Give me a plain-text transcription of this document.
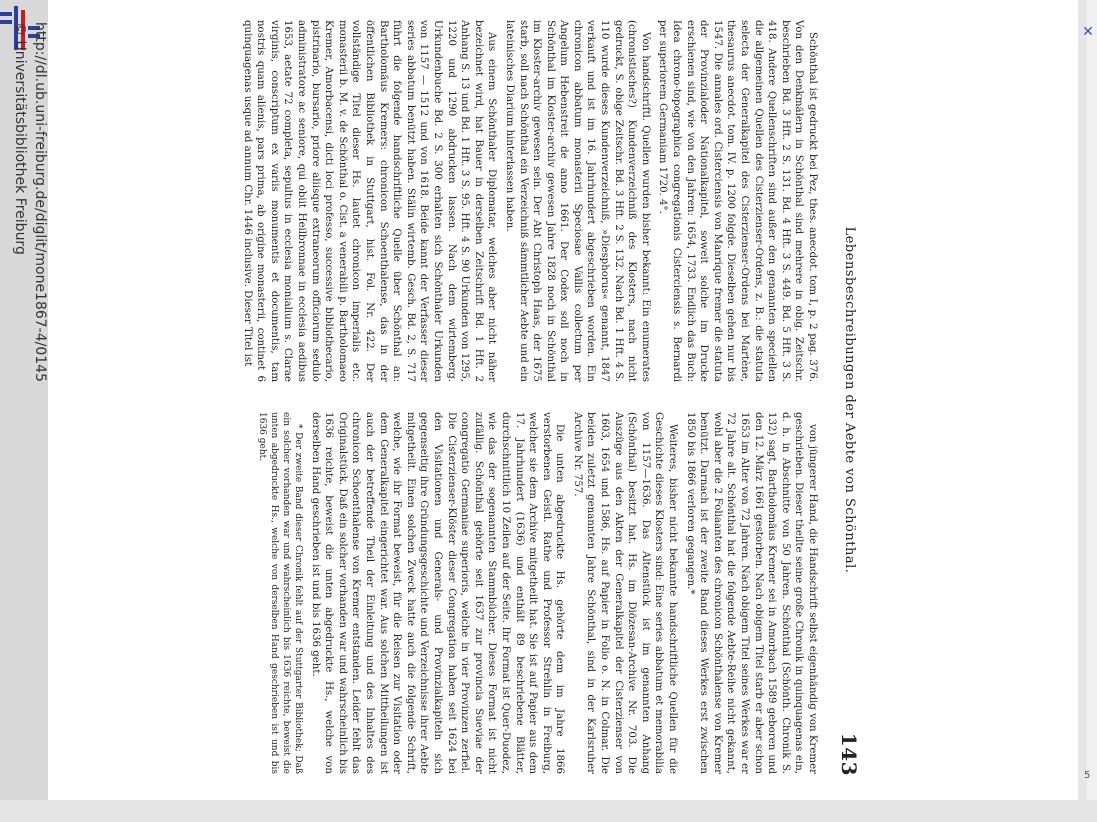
http://dl.ub.uni-freiburg.de/diglit/mone1867-4/0145
© Universitätsbibliothek Freiburg
Lebensbeschreibungen der Aebte von Schönthal.
143

Schönthal ist gedruckt bei Pez, thes. anecdot. tom I, p. 2 pag. 376. Von den Denkmälern in Schönthal sind mehrere in obig. Zeitschr. beschrieben Bd. 3 Hft. 2 S. 131. Bd. 4 Hft. 3 S. 449. Bd. 5 Hft. 3 S. 418. Andere Quellenschriften sind außer den genannten speciellen die allgemeinen Quellen des Cisterzienser-Ordens, z. B.: die statuta selecta der Generalkapitel des Cisterzienser-Ordens bei Martène, thesaurus anecdot. tom. IV. p. 1200 folgde. Dieselben gehen nur bis 1547. Die annales ord. Cisterciensis von Manrique fremer die statuta der Provinzialoder Nationalkapitel, soweit solche im Drucke erschienen sind, wie von den Jahren: 1654, 1733. Endlich das Buch: Idea chrono-topographica congregationis Cisterciensis s. Bernardi per superiorem Germaniam 1720. 4°.

Von handschriftl. Quellen wurden bisher bekannt: Ein enumerates (chronistisches?) Kundenverzeichniß des Klosters, nach nicht gedruckt, S. obige Zeitschr. Bd. 3 Hft. 2 S. 132. Nach Bd. 1 Hft. 4 S. 110 wurde dieses Kundenverzeichniß, »Diesphorus« genannt, 1847 verkauft und ist im 16. Jahrhundert abgeschrieben worden. Ein chronicon abbatum monasterii Speciosae Vallis collectum per Angelum Hebenstreit de anno 1661. Der Codex soll noch in Schönthal im Kloster-archiv gewesen Jahre 1828 noch in Schönthal im Kloster-archiv gewesen sein. Der Abt Christoph Haas, der 1675 starb, soll nach Schönthal ein Verzeichniß sämmtlicher Aebte und ein lateinisches Diarium hinterlassen haben.

Aus einem Schönthaler Diplomatar, welches aber nicht näher bezeichnet wird, hat Bauer in derselben Zeitschrift Bd. 1 Hft. 2 Anhang S. 13 und Bd. 1 Hft. 3 S. 95. Hft. 4 S. 90 Urkunden von 1295, 1220 und 1290 abdrucken lassen. Nach dem wirtemberg. Urkundenbuche Bd. 2 S. 300 erhalten sich Schönthaler Urkunden von 1157 — 1512 und von 1618. Beide kannt der Verfasser dieser series abbatum benützt haben. Stälin wirtemb. Gesch. Bd. 2, S. 717 führt die folgende handschriftliche Quelle über Schönthal an: Bartholomäus Kremers: chronicon Schoenthalense, das in der öffentlichen Bibliothek in Stuttgart, hist. Fol. Nr. 422. Der vollständige Titel dieser Hs. lautet chronicon imperialis etc. monasterii b. M. v. de Schönthal o. Cist. a venerabili p. Bartholomaeo Kremer, Amorbacensi, dicti loci professo, successive bibliothecario, pistrinario, bursario, priore aliisque extraneorum officiorum sedulo administratore ac seniore, qui obiit Heilbronnae in ecclesia aedibus 1653, aetate 72 completa, sepultus in ecclesia monialium s. Clarae virginis, conscriptum ex variis monumentis et documentis, tam nostris quam alienis, pars prima, ab origine monasterii, continet 6 quinquagenas usque ad annum Chr. 1446 inclusive. Dieser Titel ist

von jüngerer Hand, die Handschrift selbst eigenhändig von Kremer geschrieben. Dieser theilte seine große Chronik in quinquagenas ein, d. h. in Abschnitte von 50 Jahren. Schönthal (Schönth. Chronik S. 132) sagt, Bartholomäus Kremer sei in Amorbach 1589 geboren und den 12. März 1661 gestorben. Nach obigem Titel starb er aber schon 1653 im Alter von 72 Jahren. Nach obigem Titel seines Werkes war er 72 Jahre alt. Schönthal hat die folgende Aebte-Reihe nicht gekannt, wohl aber die 2 Foliaanten des chronicon Schönthalense von Kremer benützt. Darnach ist der zweite Band dieses Werkes erst zwischen 1850 bis 1866 verloren gegangen.*

Weiteres, bisher nicht bekannte handschriftliche Quellen für die Geschichte dieses Klosters sind: Eine series abbatum et memorabilia von 1157—1636. Das Altenstück ist im genannten Anhang (Schönthal) besitzt hat. Hs. im Diözesan-Archive Nr. 703. Die Auszüge aus den Akten der Generalkapitel der Cisterzienser von 1603, 1654 und 1586, Hs. auf Papier in Folio o. N. in Colmar. Die beiden zuletzt genannten Jahre Schönthal, sind in der Karlsruher Archive Nr. 757.

Die unten abgedruckte Hs. gehörte dem im Jahre 1866 verstorbenen Geistl. Rathe und Professor Strehlin in Freiburg, welcher sie dem Archive mitgetheilt hat. Sie ist auf Papier aus dem 17. Jahrhundert (1636) und enthält 89 beschriebene Blätter, durchschnittlich 10 Zeilen auf der Seite. Ihr Format ist Quer-Duodez, wie das der sogenannten Stammbücher. Dieses Format ist nicht zufällig. Schönthal gehörte seit 1637 zur provincia Sueviae der congregatio Germaniae superioris, welche in vier Provinzen zerfiel. Die Cisterzienser-Klöster dieser Congregation haben seit 1624 bei den Visitationen und Generals- und Provinzialkapiteln sich gegenseitig ihre Gründungsgeschichte und Verzeichnisse ihrer Aebte mitgetheilt. Einen solchen Zweck hatte auch die folgende Schrift, welche, wie ihr Format beweist, für die Reisen zur Visitation oder dem Generalkapitel eingerichtet war. Aus solchen Mittheilungen ist auch der betreffende Theil der Einleitung und des Inhaltes des chronicon Schoenthalense von Kremer entstanden. Leider fehlt das Originalstück. Daß ein solcher vorhanden war und wahrscheinlich bis 1636 reichte, beweist die unten abgedruckte Hs., welche von derselben Hand geschrieben ist und bis 1636 geht.

* Der zweite Band dieser Chronik fehlt auf der Stuttgarter Bibliothek; Daß ein solcher vorhanden war und wahrscheinlich bis 1636 reichte, beweist die unten abgedruckte Hs., welche von derselben Hand geschrieben ist und bis 1636 geht.

✕
5
